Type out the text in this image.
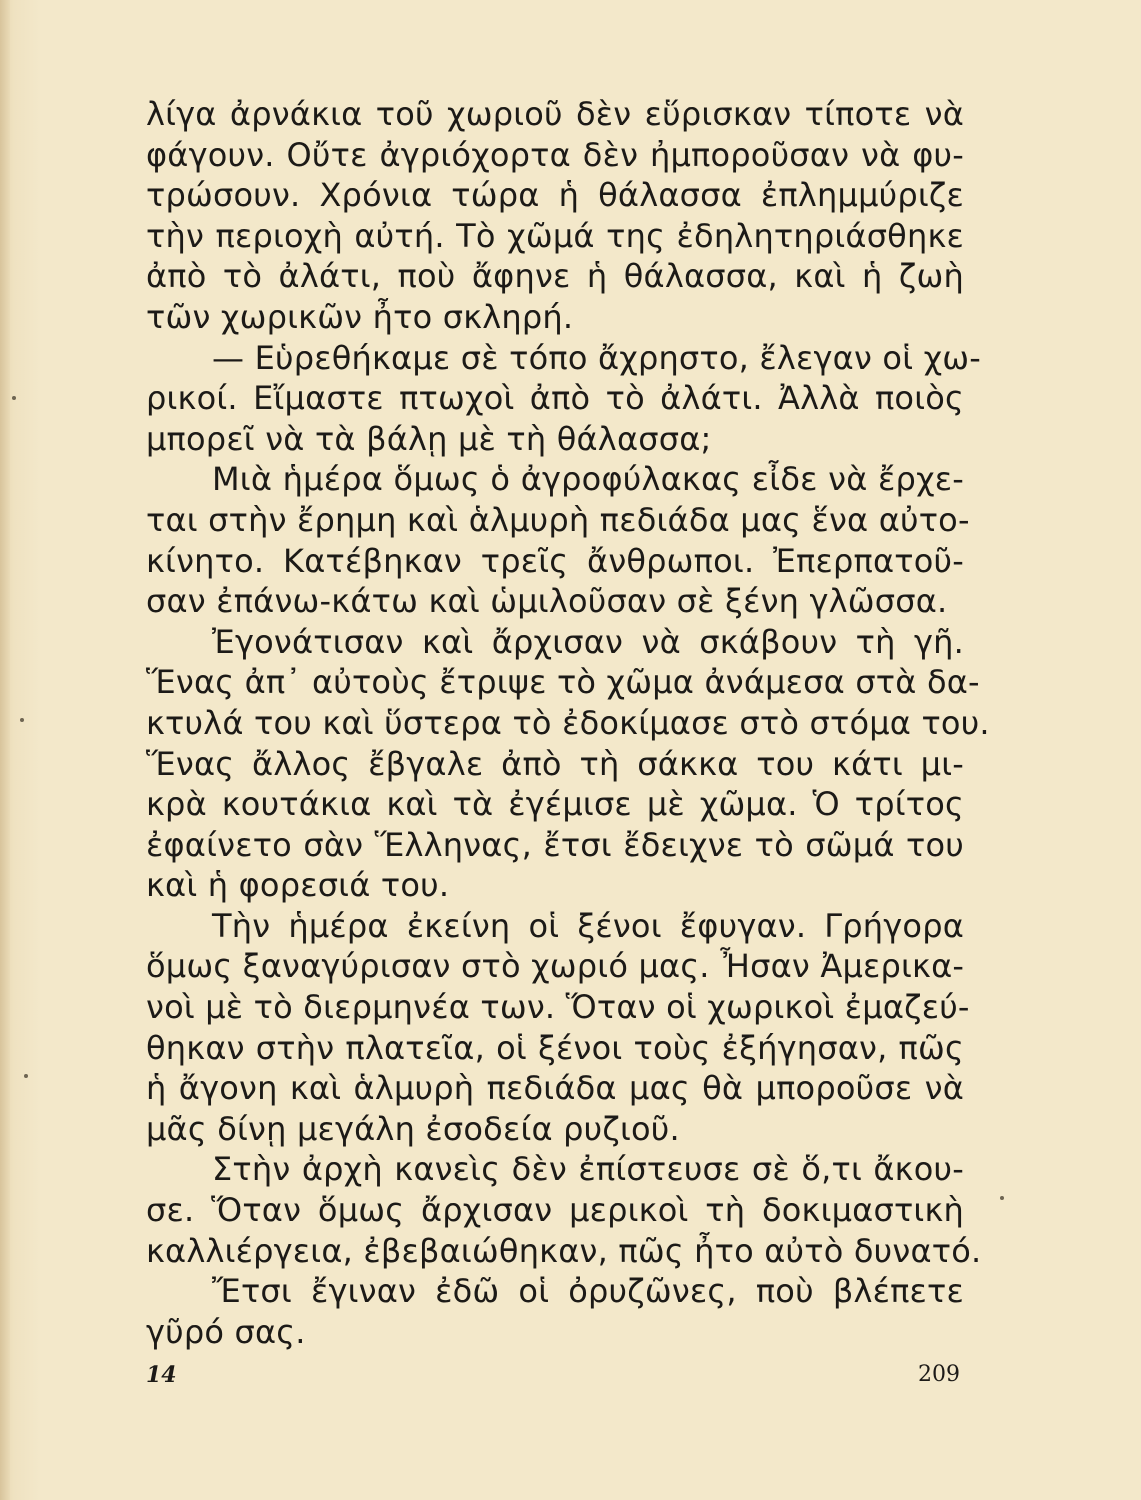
λίγα ἀρνάκια τοῦ χωριοῦ δὲν εὕρισκαν τίποτε νὰ
φάγουν. Οὔτε ἀγριόχορτα δὲν ἠμποροῦσαν νὰ φυ-
τρώσουν. Χρόνια τώρα ἡ θάλασσα ἐπλημμύριζε
τὴν περιοχὴ αὐτή. Τὸ χῶμά της ἐδηλητηριάσθηκε
ἀπὸ τὸ ἀλάτι, ποὺ ἄφηνε ἡ θάλασσα, καὶ ἡ ζωὴ
τῶν χωρικῶν ἦτο σκληρή.
— Εὑρεθήκαμε σὲ τόπο ἄχρηστο, ἔλεγαν οἱ χω-
ρικοί. Εἴμαστε πτωχοὶ ἀπὸ τὸ ἀλάτι. Ἀλλὰ ποιὸς
μπορεῖ νὰ τὰ βάλῃ μὲ τὴ θάλασσα;
Μιὰ ἡμέρα ὅμως ὁ ἀγροφύλακας εἶδε νὰ ἔρχε-
ται στὴν ἔρημη καὶ ἁλμυρὴ πεδιάδα μας ἕνα αὐτο-
κίνητο. Κατέβηκαν τρεῖς ἄνθρωποι. Ἐπερπατοῦ-
σαν ἐπάνω-κάτω καὶ ὡμιλοῦσαν σὲ ξένη γλῶσσα.
Ἐγονάτισαν καὶ ἄρχισαν νὰ σκάβουν τὴ γῆ.
Ἕνας ἀπ᾽ αὐτοὺς ἔτριψε τὸ χῶμα ἀνάμεσα στὰ δα-
κτυλά του καὶ ὕστερα τὸ ἐδοκίμασε στὸ στόμα του.
Ἕνας ἄλλος ἔβγαλε ἀπὸ τὴ σάκκα του κάτι μι-
κρὰ κουτάκια καὶ τὰ ἐγέμισε μὲ χῶμα. Ὁ τρίτος
ἐφαίνετο σὰν Ἕλληνας, ἔτσι ἔδειχνε τὸ σῶμά του
καὶ ἡ φορεσιά του.
Τὴν ἡμέρα ἐκείνη οἱ ξένοι ἔφυγαν. Γρήγορα
ὅμως ξαναγύρισαν στὸ χωριό μας. Ἦσαν Ἀμερικα-
νοὶ μὲ τὸ διερμηνέα των. Ὅταν οἱ χωρικοὶ ἐμαζεύ-
θηκαν στὴν πλατεῖα, οἱ ξένοι τοὺς ἐξήγησαν, πῶς
ἡ ἄγονη καὶ ἁλμυρὴ πεδιάδα μας θὰ μποροῦσε νὰ
μᾶς δίνῃ μεγάλη ἐσοδεία ρυζιοῦ.
Στὴν ἀρχὴ κανεὶς δὲν ἐπίστευσε σὲ ὅ,τι ἄκου-
σε. Ὅταν ὅμως ἄρχισαν μερικοὶ τὴ δοκιμαστικὴ
καλλιέργεια, ἐβεβαιώθηκαν, πῶς ἦτο αὐτὸ δυνατό.
Ἔτσι ἔγιναν ἐδῶ οἱ ὀρυζῶνες, ποὺ βλέπετε
γῦρό σας.
14	209
